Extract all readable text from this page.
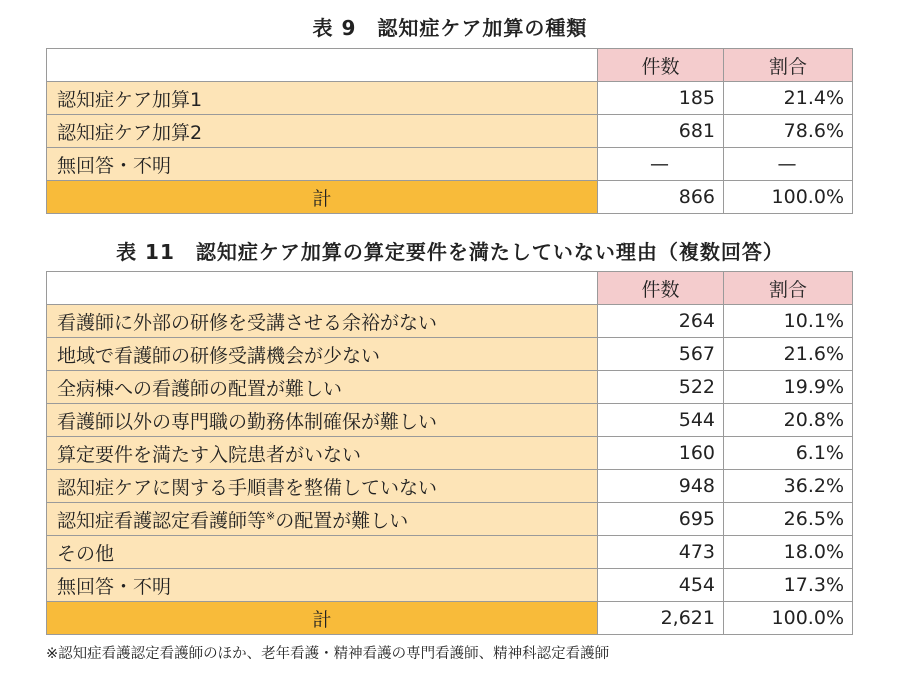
表 9　認知症ケア加算の種類
	件数	割合
認知症ケア加算1	185	21.4%
認知症ケア加算2	681	78.6%
無回答・不明	—	—
計	866	100.0%
表 11　認知症ケア加算の算定要件を満たしていない理由（複数回答）
	件数	割合
看護師に外部の研修を受講させる余裕がない	264	10.1%
地域で看護師の研修受講機会が少ない	567	21.6%
全病棟への看護師の配置が難しい	522	19.9%
看護師以外の専門職の勤務体制確保が難しい	544	20.8%
算定要件を満たす入院患者がいない	160	6.1%
認知症ケアに関する手順書を整備していない	948	36.2%
認知症看護認定看護師等※の配置が難しい	695	26.5%
その他	473	18.0%
無回答・不明	454	17.3%
計	2,621	100.0%
※認知症看護認定看護師のほか、老年看護・精神看護の専門看護師、精神科認定看護師
